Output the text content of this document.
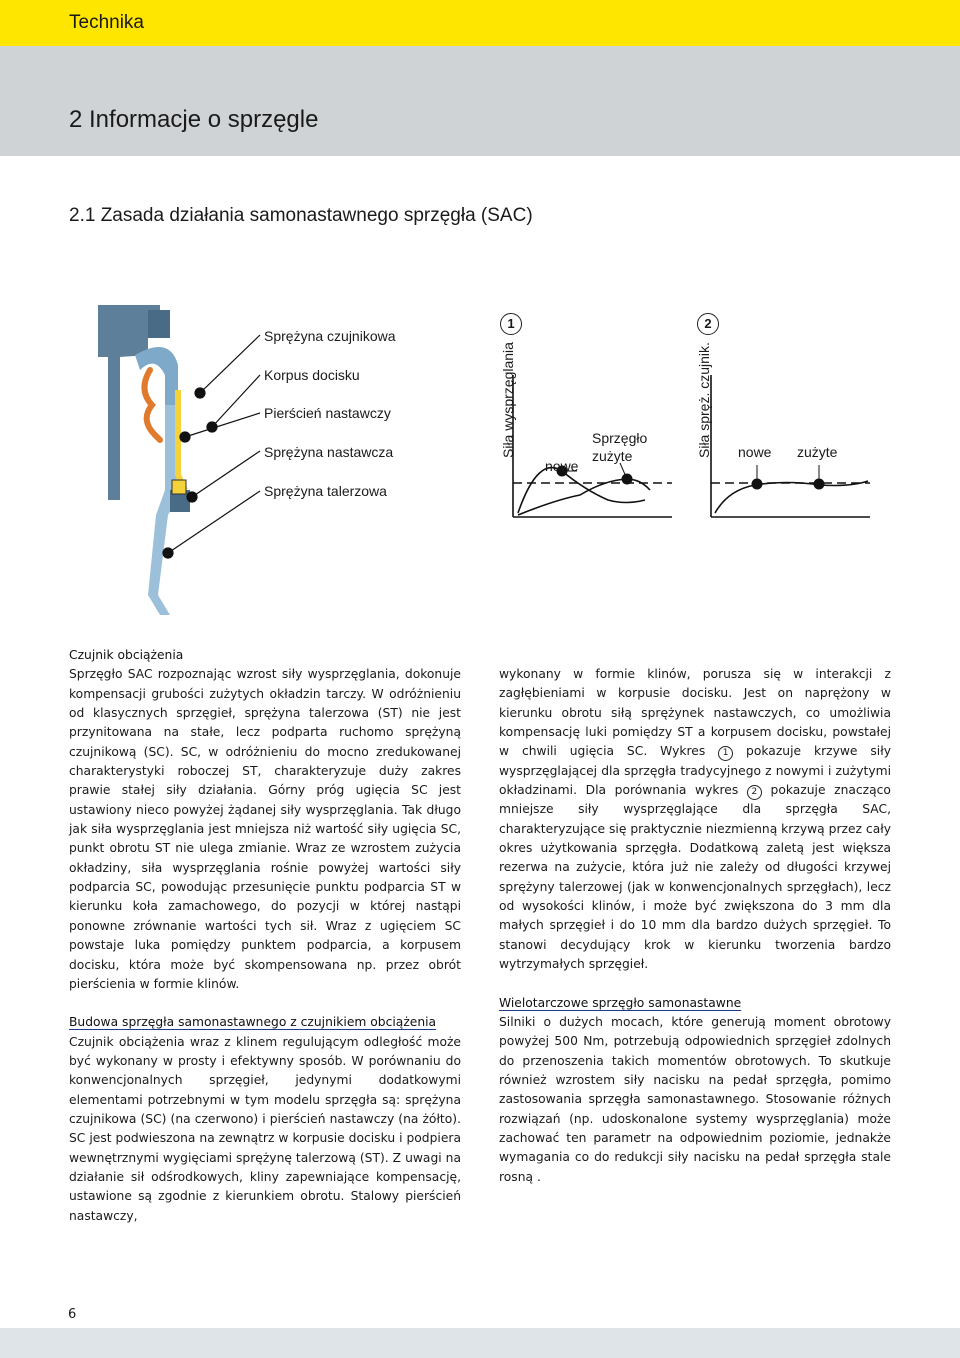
Technika
2 Informacje o sprzęgle
2.1 Zasada działania samonastawnego sprzęgła (SAC)
Sprężyna czujnikowa
Korpus docisku
Pierścień nastawczy
Sprężyna nastawcza
Sprężyna talerzowa
1
Siła wysprzęglania
nowe
Sprzęgło
zużyte
2
Siła spręż. czujnik. nowe zużyte
Czujnik obciążenia

Sprzęgło SAC rozpoznając wzrost siły wysprzęglania, dokonuje kompensacji grubości zużytych okładzin tarczy. W odróżnieniu od klasycznych sprzęgieł, sprężyna talerzowa (ST) nie jest przynitowana na stałe, lecz podparta ruchomo sprężyną czujnikową (SC). SC, w odróżnieniu do mocno zredukowanej charakterystyki roboczej ST, charakteryzuje duży zakres prawie stałej siły działania. Górny próg ugięcia SC jest ustawiony nieco powyżej żądanej siły wysprzęglania. Tak długo jak siła wysprzęglania jest mniejsza niż wartość siły ugięcia SC, punkt obrotu ST nie ulega zmianie. Wraz ze wzrostem zużycia okładziny, siła wysprzęglania rośnie powyżej wartości siły podparcia SC, powodując przesunięcie punktu podparcia ST w kierunku koła zamachowego, do pozycji w której nastąpi ponowne zrównanie wartości tych sił. Wraz z ugięciem SC powstaje luka pomiędzy punktem podparcia, a korpusem docisku, która może być skompensowana np. przez obrót pierścienia w formie klinów.

Budowa sprzęgła samonastawnego z czujnikiem obciążenia

Czujnik obciążenia wraz z klinem regulującym odległość może być wykonany w prosty i efektywny sposób. W porównaniu do konwencjonalnych sprzęgieł, jedynymi dodatkowymi elementami potrzebnymi w tym modelu sprzęgła są: sprężyna czujnikowa (SC) (na czerwono) i pierścień nastawczy (na żółto). SC jest podwieszona na zewnątrz w korpusie docisku i podpiera wewnętrznymi wygięciami sprężynę talerzową (ST). Z uwagi na działanie sił odśrodkowych, kliny zapewniające kompensację, ustawione są zgodnie z kierunkiem obrotu. Stalowy pierścień nastawczy,

wykonany w formie klinów, porusza się w interakcji z zagłębieniami w korpusie docisku. Jest on naprężony w kierunku obrotu siłą sprężynek nastawczych, co umożliwia kompensację luki pomiędzy ST a korpusem docisku, powstałej w chwili ugięcia SC. Wykres 1 pokazuje krzywe siły wysprzęglającej dla sprzęgła tradycyjnego z nowymi i zużytymi okładzinami. Dla porównania wykres 2 pokazuje znacząco mniejsze siły wysprzęglające dla sprzęgła SAC, charakteryzujące się praktycznie niezmienną krzywą przez cały okres użytkowania sprzęgła. Dodatkową zaletą jest większa rezerwa na zużycie, która już nie zależy od długości krzywej sprężyny talerzowej (jak w konwencjonalnych sprzęgłach), lecz od wysokości klinów, i może być zwiększona do 3 mm dla małych sprzęgieł i do 10 mm dla bardzo dużych sprzęgieł. To stanowi decydujący krok w kierunku tworzenia bardzo wytrzymałych sprzęgieł.

Wielotarczowe sprzęgło samonastawne

Silniki o dużych mocach, które generują moment obrotowy powyżej 500 Nm, potrzebują odpowiednich sprzęgieł zdolnych do przenoszenia takich momentów obrotowych. To skutkuje również wzrostem siły nacisku na pedał sprzęgła, pomimo zastosowania sprzęgła samonastawnego. Stosowanie różnych rozwiązań (np. udoskonalone systemy wysprzęglania) może zachować ten parametr na odpowiednim poziomie, jednakże wymagania co do redukcji siły nacisku na pedał sprzęgła stale rosną .

6
